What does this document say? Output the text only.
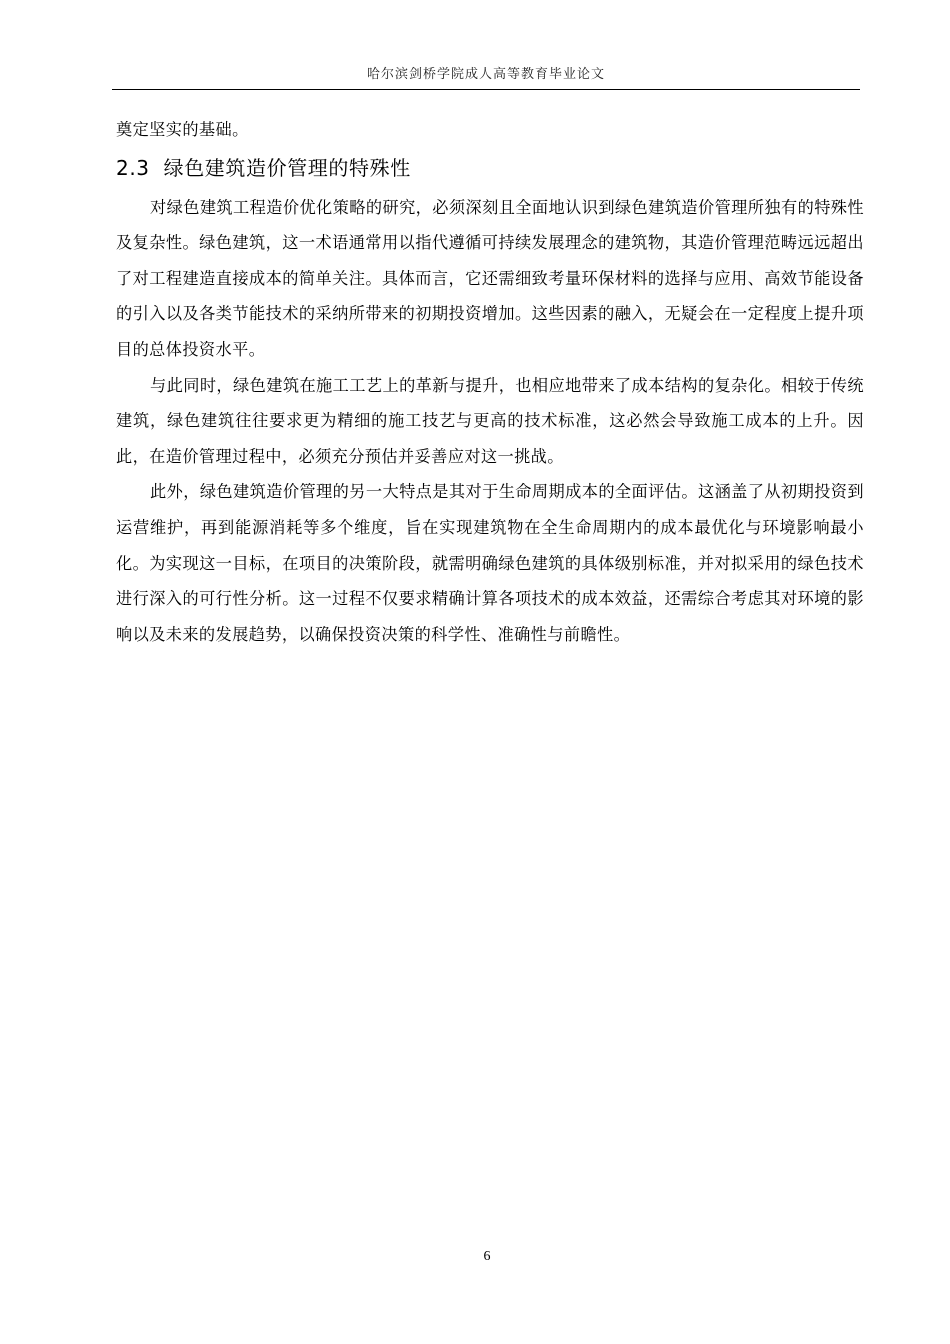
哈尔滨剑桥学院成人高等教育毕业论文

奠定坚实的基础。

2.3 绿色建筑造价管理的特殊性

对绿色建筑工程造价优化策略的研究，必须深刻且全面地认识到绿色建筑造价管理所独有的特殊性及复杂性。绿色建筑，这一术语通常用以指代遵循可持续发展理念的建筑物，其造价管理范畴远远超出了对工程建造直接成本的简单关注。具体而言，它还需细致考量环保材料的选择与应用、高效节能设备的引入以及各类节能技术的采纳所带来的初期投资增加。这些因素的融入，无疑会在一定程度上提升项目的总体投资水平。

与此同时，绿色建筑在施工工艺上的革新与提升，也相应地带来了成本结构的复杂化。相较于传统建筑，绿色建筑往往要求更为精细的施工技艺与更高的技术标准，这必然会导致施工成本的上升。因此，在造价管理过程中，必须充分预估并妥善应对这一挑战。

此外，绿色建筑造价管理的另一大特点是其对于生命周期成本的全面评估。这涵盖了从初期投资到运营维护，再到能源消耗等多个维度，旨在实现建筑物在全生命周期内的成本最优化与环境影响最小化。为实现这一目标，在项目的决策阶段，就需明确绿色建筑的具体级别标准，并对拟采用的绿色技术进行深入的可行性分析。这一过程不仅要求精确计算各项技术的成本效益，还需综合考虑其对环境的影响以及未来的发展趋势，以确保投资决策的科学性、准确性与前瞻性。

6
